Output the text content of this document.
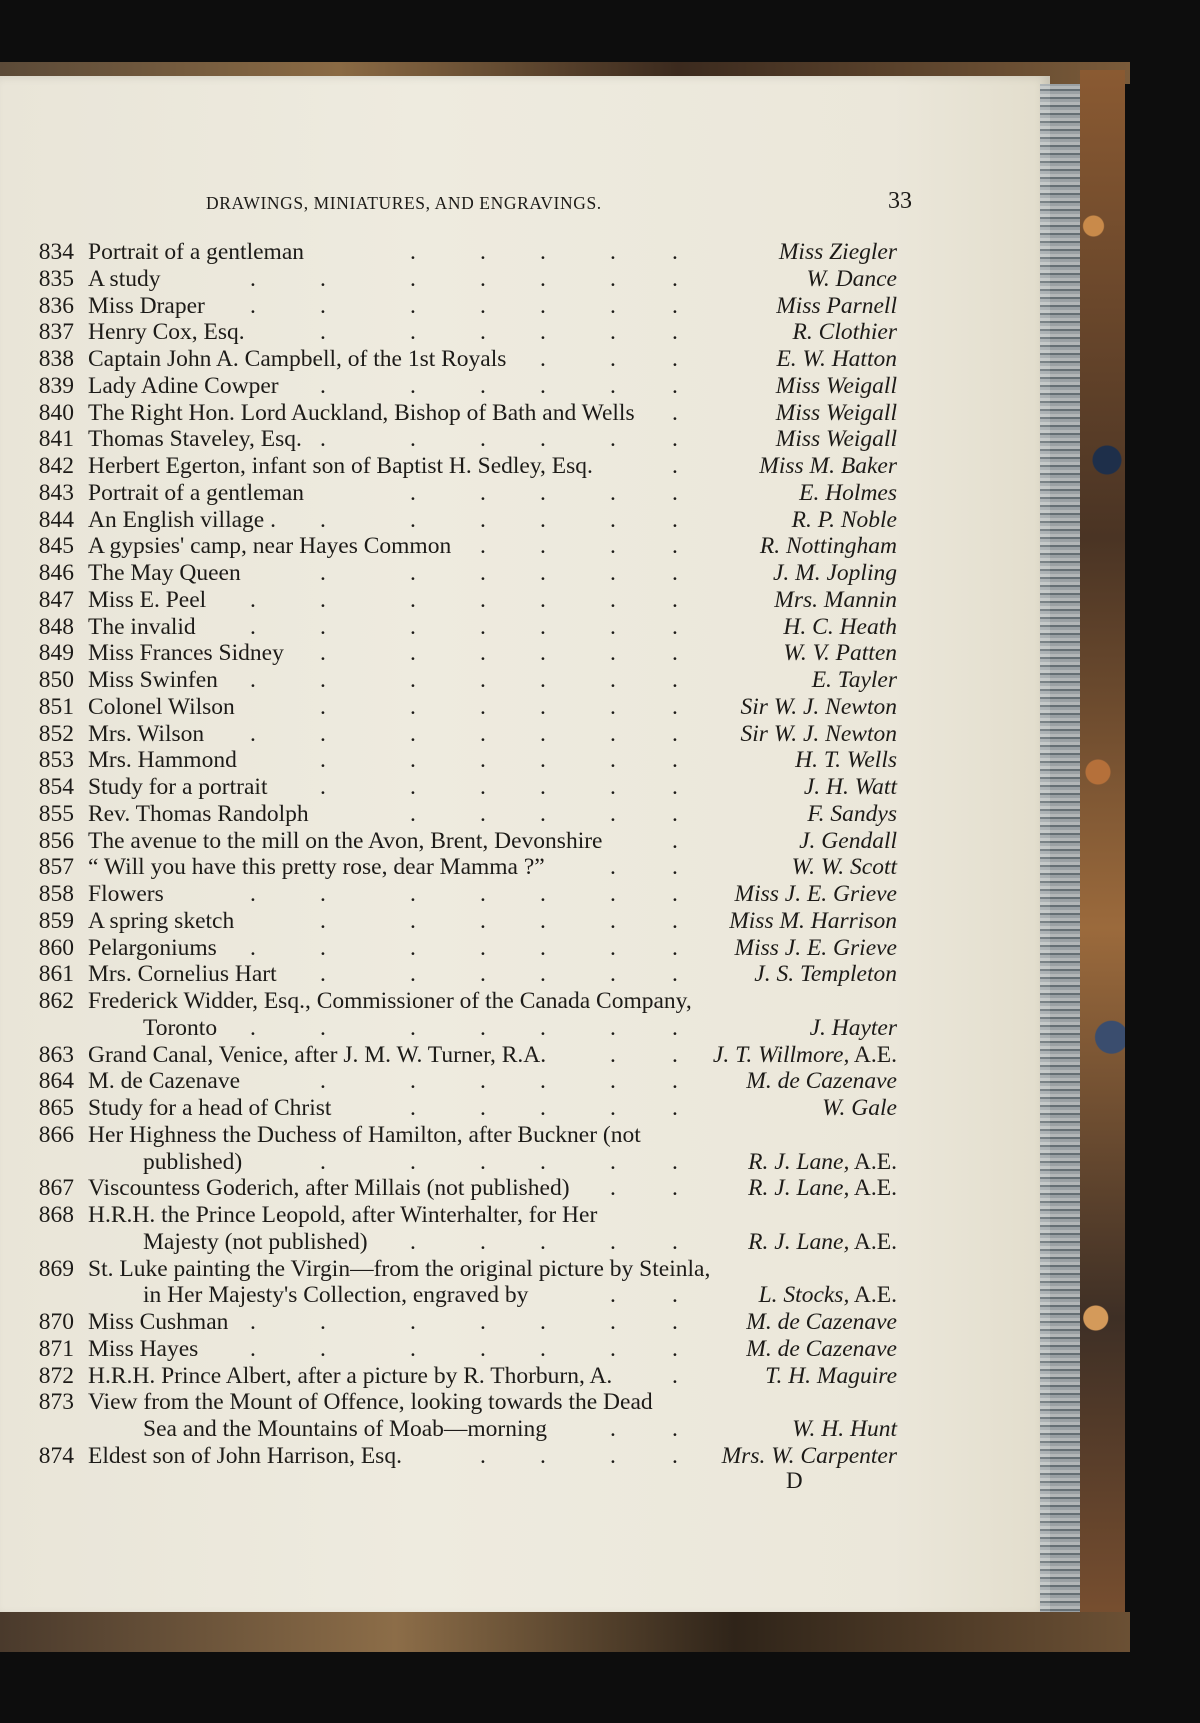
DRAWINGS, MINIATURES, AND ENGRAVINGS.	33
834 Portrait of a gentleman	Miss Ziegler
.	. .	. .
835 A study	W. Dance
.	.	.	. .	. .
836 Miss Draper	Miss Parnell
.	.	.	. .	. .
837 Henry Cox, Esq.	R. Clothier
.	.	. .	. .
838 Captain John A. Campbell, of the 1st Royals	E. W. Hatton
.	. .
839 Lady Adine Cowper	Miss Weigall
.	.	. .	. .
840 The Right Hon. Lord Auckland, Bishop of Bath and Wells	Miss Weigall
.
841 Thomas Staveley, Esq.	Miss Weigall
.	.	. .	. .
842 Herbert Egerton, infant son of Baptist H. Sedley, Esq.	Miss M. Baker
.
843 Portrait of a gentleman	E. Holmes
.	. .	. .
844 An English village .	R. P. Noble
.	.	. .	. .
845 A gypsies' camp, near Hayes Common	R. Nottingham
. .	. .
846 The May Queen	J. M. Jopling
.	.	. .	. .
847 Miss E. Peel	Mrs. Mannin
.	.	.	. .	. .
848 The invalid	H. C. Heath
.	.	.	. .	. .
849 Miss Frances Sidney	W. V. Patten
.	.	. .	. .
850 Miss Swinfen	E. Tayler
.	.	.	. .	. .
851 Colonel Wilson	Sir W. J. Newton
.	.	. .	. .
852 Mrs. Wilson	Sir W. J. Newton
.	.	.	. .	. .
853 Mrs. Hammond	H. T. Wells
.	.	. .	. .
854 Study for a portrait	J. H. Watt
.	.	. .	. .
855 Rev. Thomas Randolph	F. Sandys
.	. .	. .
856 The avenue to the mill on the Avon, Brent, Devonshire	J. Gendall
.
857 “ Will you have this pretty rose, dear Mamma ?”	W. W. Scott
. .
858 Flowers	Miss J. E. Grieve
.	.	.	. .	. .
859 A spring sketch	Miss M. Harrison
.	.	. .	. .
860 Pelargoniums	Miss J. E. Grieve
.	.	.	. .	. .
861 Mrs. Cornelius Hart	J. S. Templeton
.	.	. .	. .
862 Frederick Widder, Esq., Commissioner of the Canada Company,
Toronto	J. Hayter
.	.	.	. .	. .
863 Grand Canal, Venice, after J. M. W. Turner, R.A.	J. T. Willmore, A.E.
. .
864 M. de Cazenave	M. de Cazenave
.	.	. .	. .
865 Study for a head of Christ	W. Gale
.	. .	. .
866 Her Highness the Duchess of Hamilton, after Buckner (not
published)	R. J. Lane, A.E.
.	.	. .	. .
867 Viscountess Goderich, after Millais (not published)	R. J. Lane, A.E.
. .
868 H.R.H. the Prince Leopold, after Winterhalter, for Her
Majesty (not published)	R. J. Lane, A.E.
.	. .	. .
869 St. Luke painting the Virgin—from the original picture by Steinla,
in Her Majesty's Collection, engraved by	L. Stocks, A.E.
. .
870 Miss Cushman	M. de Cazenave
.	.	.	. .	. .
871 Miss Hayes	M. de Cazenave
.	.	.	. .	. .
872 H.R.H. Prince Albert, after a picture by R. Thorburn, A.	T. H. Maguire
.
873 View from the Mount of Offence, looking towards the Dead
Sea and the Mountains of Moab—morning	W. H. Hunt
. .
874 Eldest son of John Harrison, Esq.	Mrs. W. Carpenter
. .	. .
D
